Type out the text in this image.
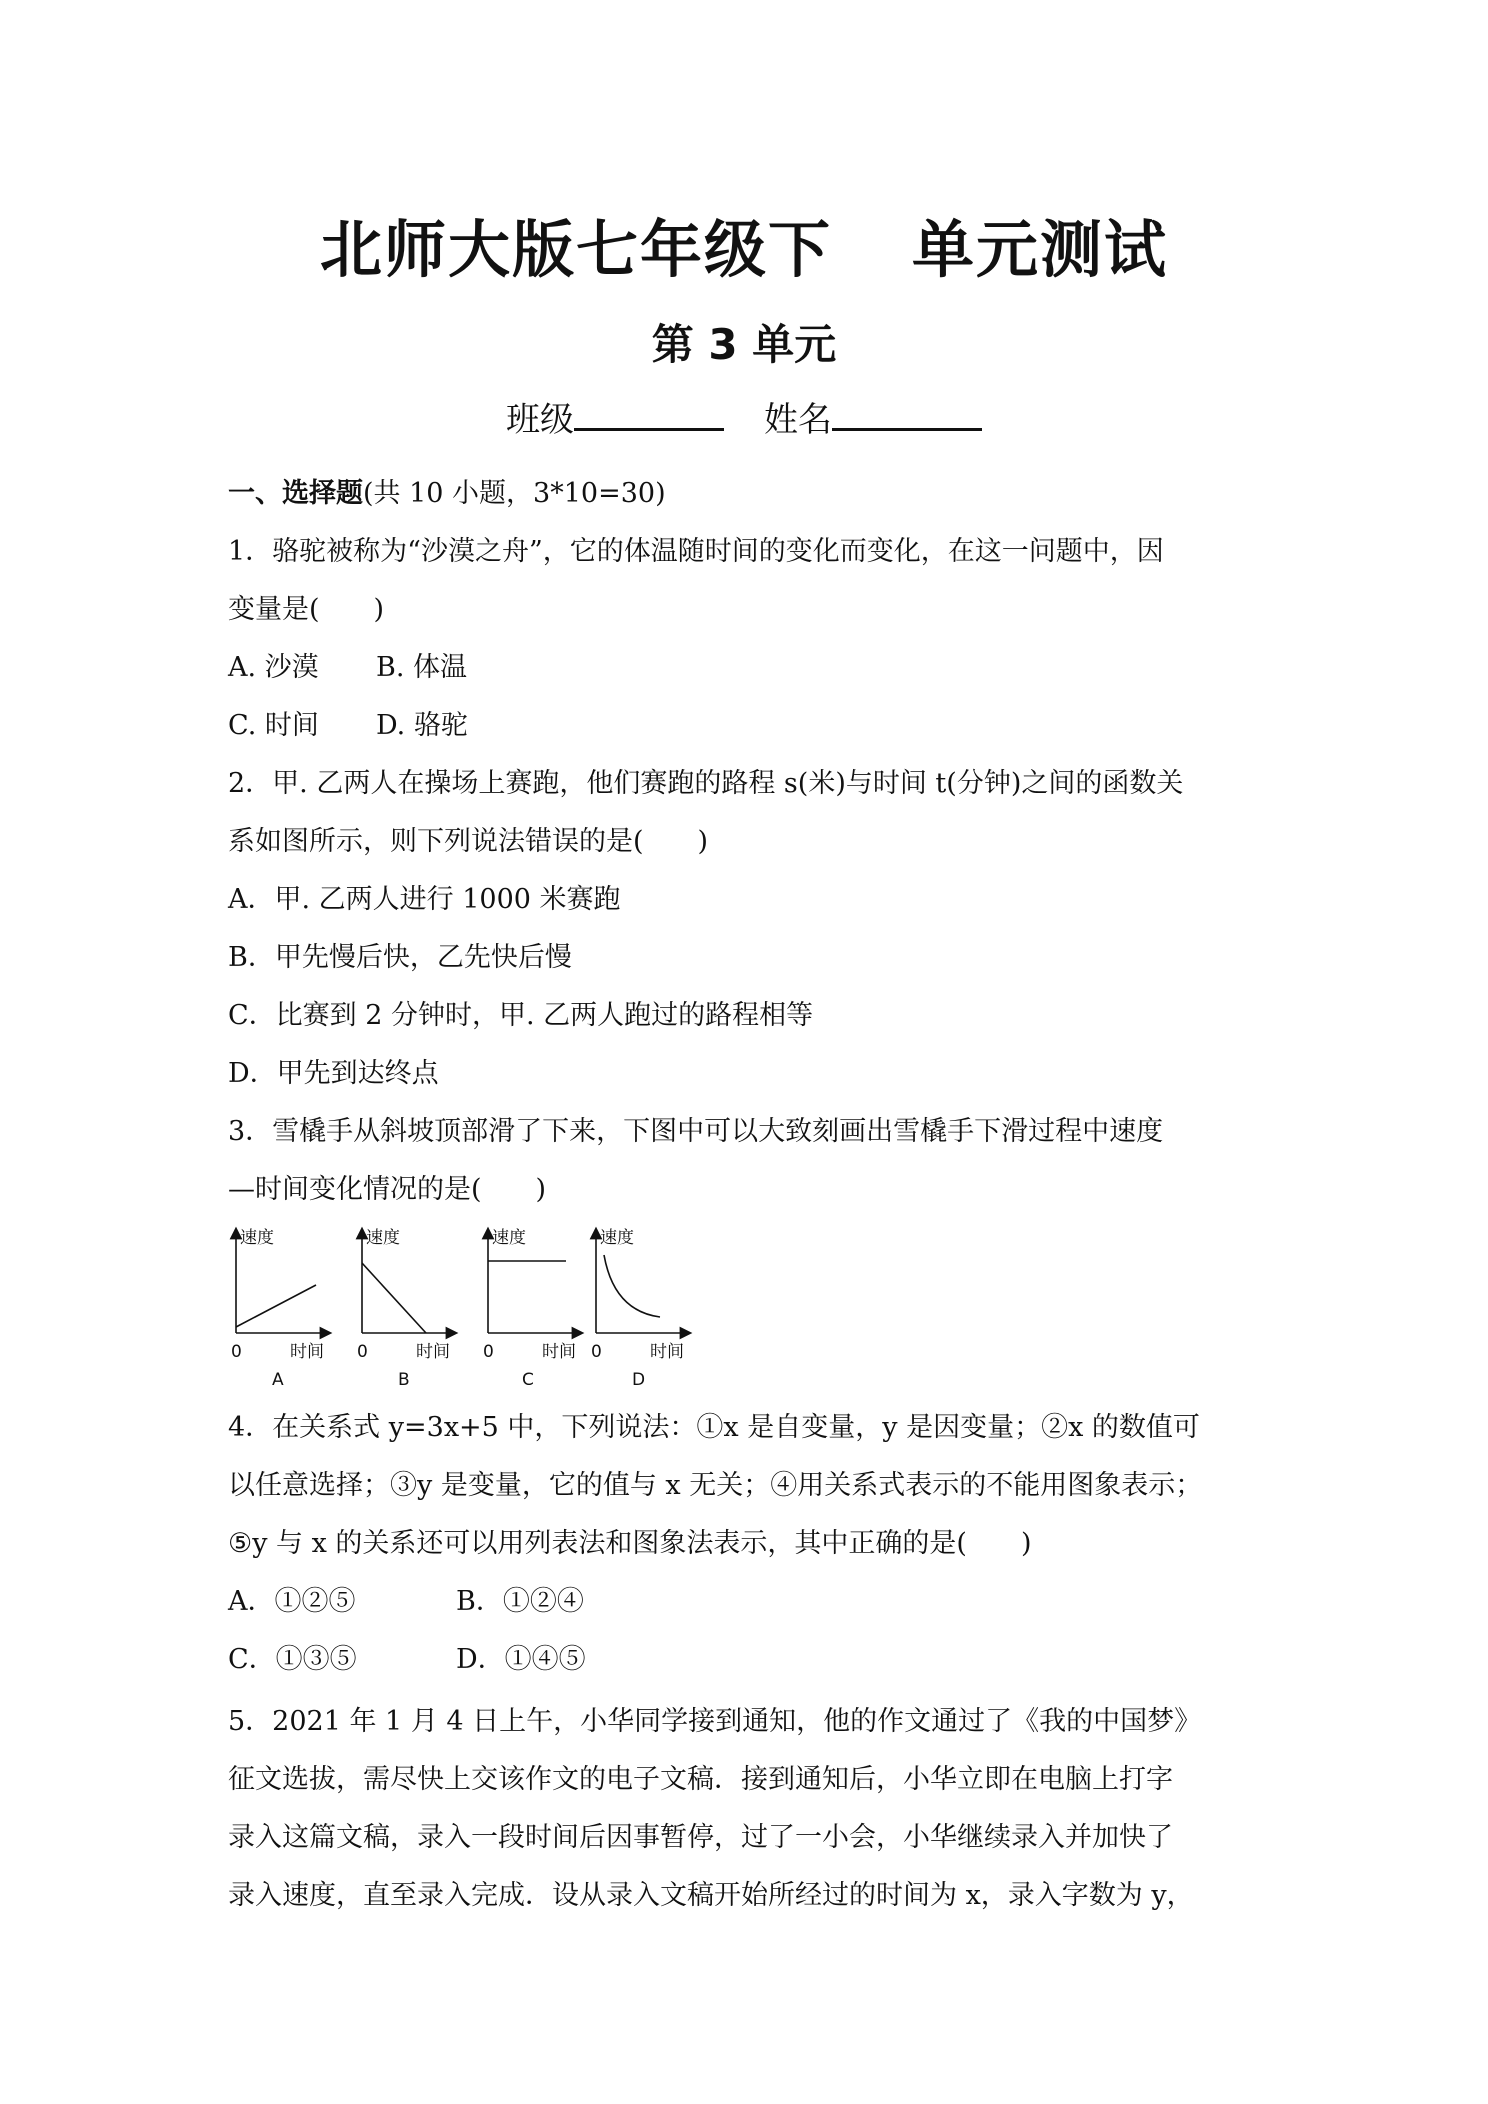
北师大版七年级下 单元测试
第 3 单元
班级	姓名
一、选择题(共 10 小题，3*10=30)
1．骆驼被称为“沙漠之舟”，它的体温随时间的变化而变化，在这一问题中，因
变量是(　　)
A. 沙漠 B. 体温
C. 时间 D. 骆驼
2．甲. 乙两人在操场上赛跑，他们赛跑的路程 s(米)与时间 t(分钟)之间的函数关
系如图所示，则下列说法错误的是(　　)
A．甲. 乙两人进行 1000 米赛跑
B．甲先慢后快，乙先快后慢
C．比赛到 2 分钟时，甲. 乙两人跑过的路程相等
D．甲先到达终点
3．雪橇手从斜坡顶部滑了下来，下图中可以大致刻画出雪橇手下滑过程中速度
—时间变化情况的是(　　)
速度
0	时间
A
速度
0	时间
B
速度
0	时间
C
速度
0	时间
D
4．在关系式 y=3x+5 中，下列说法：①x 是自变量，y 是因变量；②x 的数值可
以任意选择；③y 是变量，它的值与 x 无关；④用关系式表示的不能用图象表示；
⑤y 与 x 的关系还可以用列表法和图象法表示，其中正确的是(　　)
A．①②⑤	B．①②④
C．①③⑤	D．①④⑤
5．2021 年 1 月 4 日上午，小华同学接到通知，他的作文通过了《我的中国梦》
征文选拔，需尽快上交该作文的电子文稿．接到通知后，小华立即在电脑上打字
录入这篇文稿，录入一段时间后因事暂停，过了一小会，小华继续录入并加快了
录入速度，直至录入完成．设从录入文稿开始所经过的时间为 x，录入字数为 y，
